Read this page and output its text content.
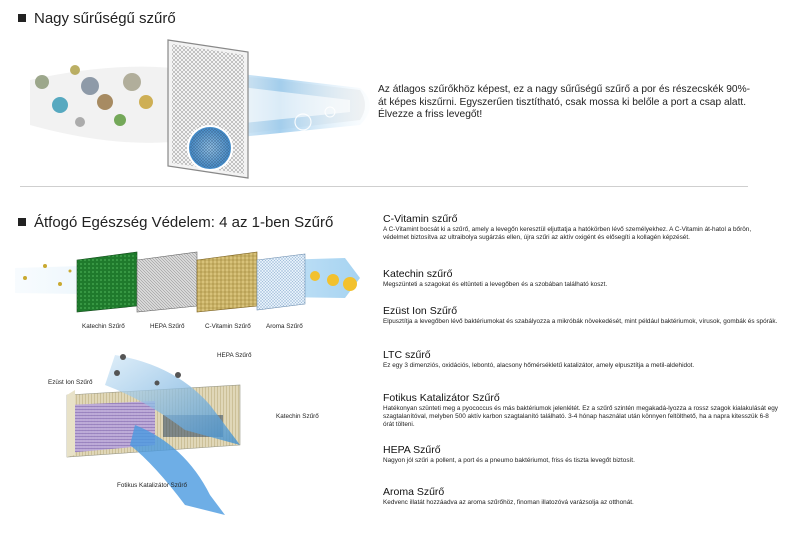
Nagy sűrűségű szűrő
Az átlagos szűrőkhöz képest, ez a nagy sűrűségű szűrő a por és részecskék 90%-át képes kiszűrni. Egyszerűen tisztítható, csak mossa ki belőle a port a csap alatt. Élvezze a friss levegőt!
Átfogó Egészség Védelem: 4 az 1-ben Szűrő
Katechin Szűrő	HEPA Szűrő	C-Vitamin Szűrő Aroma Szűrő
Ezüst Ion Szűrő
HEPA Szűrő
Katechin Szűrő
Fotikus Katalizátor Szűrő
C-Vitamin szűrő
A C-Vitamint bocsát ki a szűrő, amely a levegőn keresztül eljuttatja a hatókörben lévő személyekhez. A C-Vitamin át-hatol a bőrön, védelmet biztosítva az ultraibolya sugárzás ellen, újra szűri az aktív oxigént és elősegíti a kollagén képzését.
Katechin szűrő
Megszünteti a szagokat és eltünteti a levegőben és a szobában található koszt.
Ezüst Ion Szűrő
Elpusztítja a levegőben lévő baktériumokat és szabályozza a mikróbák növekedését, mint például baktériumok, vírusok, gombák és spórák.
LTC szűrő
Ez egy 3 dimenziós, oxidációs, lebontó, alacsony hőmérsékletű katalizátor, amely elpusztítja a metil-aldehidot.
Fotikus Katalizátor Szűrő
Hatékonyan szünteti meg a pyococcus és más baktériumok jelenlétét. Ez a szűrő szintén megakadá-lyozza a rossz szagok kialakulását egy szagtalanítóval, melyben 500 aktív karbon szagtalanító található. 3-4 hónap használat után könnyen feltölthető, ha a napra kitesszük 6-8 órát tölteni.
HEPA Szűrő
Nagyon jól szűri a pollent, a port és a pneumo baktériumot, friss és tiszta levegőt biztosít.
Aroma Szűrő
Kedvenc illatát hozzáadva az aroma szűrőhöz, finoman illatozóvá varázsolja az otthonát.
